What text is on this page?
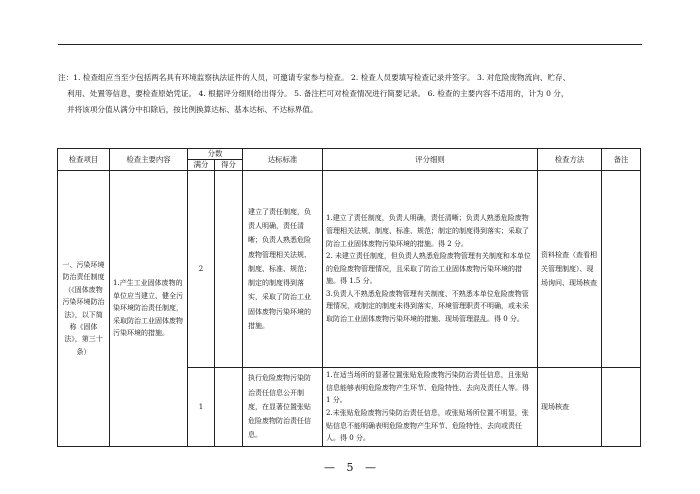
注：1. 检查组应当至少包括两名具有环境监察执法证件的人员，可邀请专家参与检查。 2. 检查人员要填写检查记录并签字。 3. 对危险废物流向、贮存、
利用、处置等信息，要检查原始凭证。 4. 根据评分细则给出得分。 5. 备注栏可对检查情况进行简要记录。 6. 检查的主要内容不适用的，计为 0 分，
并将该项分值从满分中扣除后，按比例换算达标、基本达标、不达标界值。
检查项目	检查主要内容	分数		达标标准	评分细则	检查方法	备注
		满分	得分				

一、污染环境防治责任制度（《固体废物污染环境防治法》，以下简称《固体法》，第三十条）	1.产生工业固体废物的单位应当建立、健全污染环境防治责任制度，采取防治工业固体废物污染环境的措施。	2		建立了责任制度，负责人明确，责任清晰；负责人熟悉危险废物管理相关法规、制度、标准、规范；制定的制度得到落实，采取了防治工业固体废物污染环境的措施。	1.建立了责任制度，负责人明确，责任清晰；负责人熟悉危险废物管理相关法规、制度、标准、规范；制定的制度得到落实；采取了防治工业固体废物污染环境的措施。得 2 分。
2. 未建立责任制度，但负责人熟悉危险废物管理有关制度和本单位的危险废物管理情况，且采取了防治工业固体废物污染环境的措施。得 1.5 分。
3.负责人不熟悉危险废物管理有关制度、不熟悉本单位危险废物管理情况，或制定的制度未得到落实，环境管理职责不明确，或未采取防治工业固体废物污染环境的措施、现场管理混乱。得 0 分。	资料检查（查看相关管理制度）、现场询问、现场核查	

		1		执行危险废物污染防治责任信息公开制度，在显著位置张贴危险废物防治责任信息。	1.在适当场所的显著位置张贴危险废物污染防治责任信息，且张贴信息能够表明危险废物产生环节、危险特性、去向及责任人等。得 1 分。
2.未张贴危险废物污染防治责任信息，或张贴场所位置不明显，张贴信息不能明确表明危险废物产生环节、危险特性、去向或责任人。得 0 分。	现场核查	

— 5 —
